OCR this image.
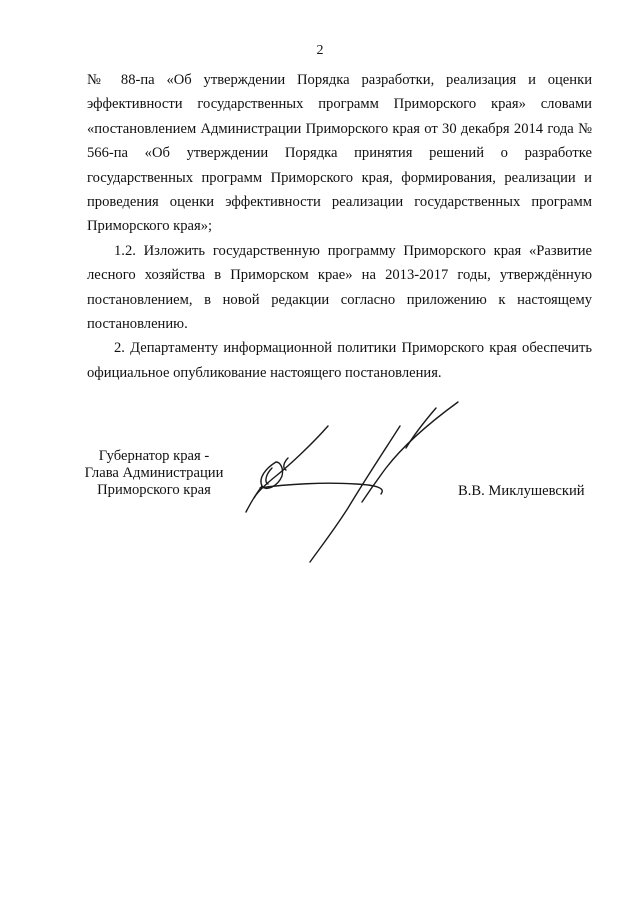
2

№ 88-па «Об утверждении Порядка разработки, реализация и оценки эффективности государственных программ Приморского края» словами «постановлением Администрации Приморского края от 30 декабря 2014 года № 566-па «Об утверждении Порядка принятия решений о разработке государственных программ Приморского края, формирования, реализации и проведения оценки эффективности реализации государственных программ Приморского края»;

1.2. Изложить государственную программу Приморского края «Развитие лесного хозяйства в Приморском крае» на 2013-2017 годы, утверждённую постановлением, в новой редакции согласно приложению к настоящему постановлению.

2. Департаменту информационной политики Приморского края обеспечить официальное опубликование настоящего постановления.

Губернатор края -
Глава Администрации
Приморского края	В.В. Миклушевский
